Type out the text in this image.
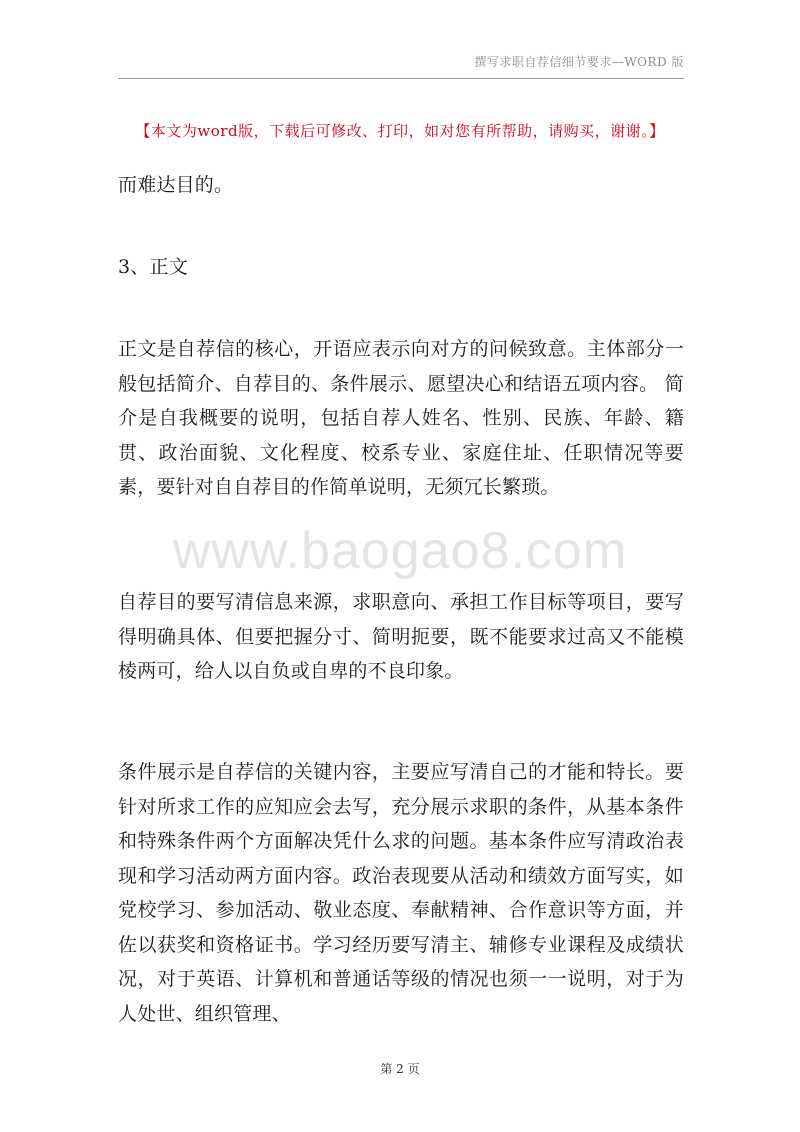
撰写求职自荐信细节要求—WORD 版
【本文为word版，下载后可修改、打印，如对您有所帮助，请购买，谢谢。】
而难达目的。
3、正文
正文是自荐信的核心，开语应表示向对方的问候致意。主体部分一般包括简介、自荐目的、条件展示、愿望决心和结语五项内容。 简介是自我概要的说明，包括自荐人姓名、性别、民族、年龄、籍贯、政治面貌、文化程度、校系专业、家庭住址、任职情况等要素，要针对自自荐目的作简单说明，无须冗长繁琐。
www.baogao8.com
自荐目的要写清信息来源，求职意向、承担工作目标等项目，要写得明确具体、但要把握分寸、简明扼要，既不能要求过高又不能模棱两可，给人以自负或自卑的不良印象。
条件展示是自荐信的关键内容，主要应写清自己的才能和特长。要针对所求工作的应知应会去写，充分展示求职的条件，从基本条件和特殊条件两个方面解决凭什么求的问题。基本条件应写清政治表现和学习活动两方面内容。政治表现要从活动和绩效方面写实，如党校学习、参加活动、敬业态度、奉献精神、合作意识等方面，并佐以获奖和资格证书。学习经历要写清主、辅修专业课程及成绩状况，对于英语、计算机和普通话等级的情况也须一一说明，对于为人处世、组织管理、
第 2 页
